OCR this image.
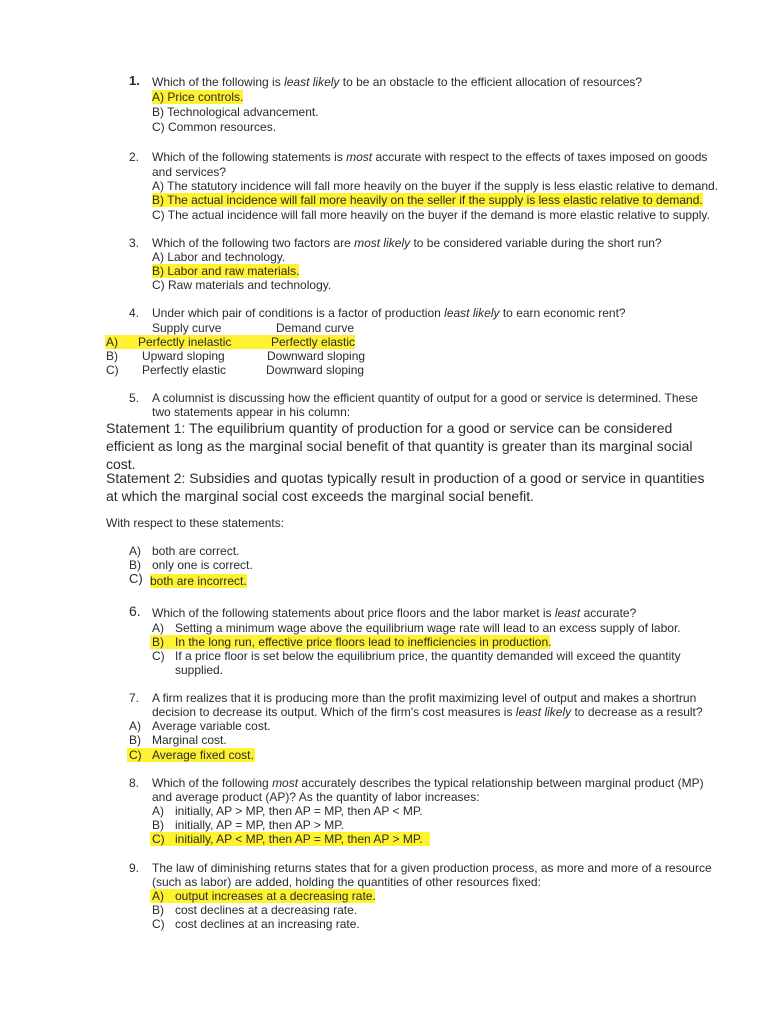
1. Which of the following is least likely to be an obstacle to the efficient allocation of resources?
A) Price controls.
B) Technological advancement.
C) Common resources.
2. Which of the following statements is most accurate with respect to the effects of taxes imposed on goods
and services?
A) The statutory incidence will fall more heavily on the buyer if the supply is less elastic relative to demand.
B) The actual incidence will fall more heavily on the seller if the supply is less elastic relative to demand.
C) The actual incidence will fall more heavily on the buyer if the demand is more elastic relative to supply.
3. Which of the following two factors are most likely to be considered variable during the short run?
A) Labor and technology.
B) Labor and raw materials.
C) Raw materials and technology.
4. Under which pair of conditions is a factor of production least likely to earn economic rent?
Supply curve	Demand curve
A) Perfectly inelastic	Perfectly elastic
B) Upward sloping	Downward sloping
C) Perfectly elastic	Downward sloping
5. A columnist is discussing how the efficient quantity of output for a good or service is determined. These
two statements appear in his column:
Statement 1: The equilibrium quantity of production for a good or service can be considered efficient as long as the marginal social benefit of that quantity is greater than its marginal social cost.
Statement 2: Subsidies and quotas typically result in production of a good or service in quantities at which the marginal social cost exceeds the marginal social benefit.
With respect to these statements:
A) both are correct.
B) only one is correct.
C) both are incorrect.
6. Which of the following statements about price floors and the labor market is least accurate?
A) Setting a minimum wage above the equilibrium wage rate will lead to an excess supply of labor.
B) In the long run, effective price floors lead to inefficiencies in production.
C) If a price floor is set below the equilibrium price, the quantity demanded will exceed the quantity
supplied.
7. A firm realizes that it is producing more than the profit maximizing level of output and makes a shortrun
decision to decrease its output. Which of the firm's cost measures is least likely to decrease as a result?
A) Average variable cost.
B) Marginal cost.
C) Average fixed cost.
8. Which of the following most accurately describes the typical relationship between marginal product (MP)
and average product (AP)? As the quantity of labor increases:
A) initially, AP > MP, then AP = MP, then AP < MP.
B) initially, AP = MP, then AP > MP.
C) initially, AP < MP, then AP = MP, then AP > MP.
9. The law of diminishing returns states that for a given production process, as more and more of a resource
(such as labor) are added, holding the quantities of other resources fixed:
A) output increases at a decreasing rate.
B) cost declines at a decreasing rate.
C) cost declines at an increasing rate.
